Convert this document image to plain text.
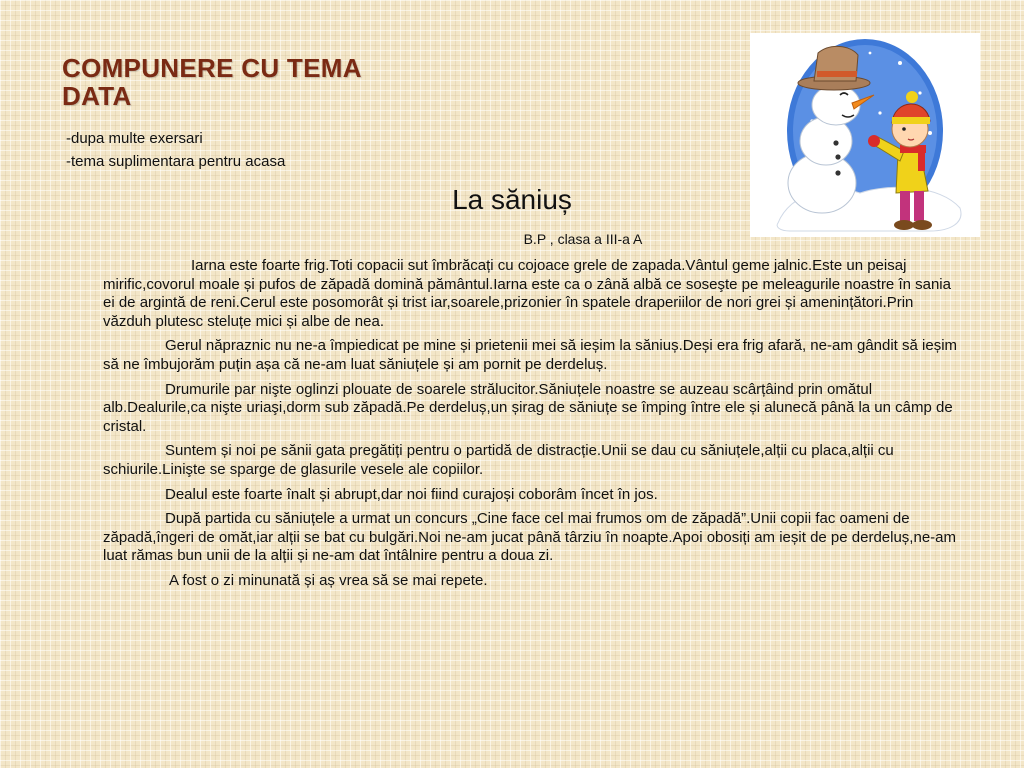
COMPUNERE CU TEMA
DATA
-dupa multe exersari
-tema suplimentara pentru acasa
La săniuș
B.P , clasa a III-a A

Iarna este foarte frig.Toti copacii sut îmbrăcați cu cojoace grele de zapada.Vântul geme jalnic.Este un peisaj mirific,covorul moale și pufos de zăpadă domină pământul.Iarna este ca o zână albă ce soseşte pe meleagurile noastre în sania ei de argintă de reni.Cerul este posomorât și trist iar,soarele,prizonier în spatele draperiilor de nori grei și amenințători.Prin văzduh plutesc steluțe mici și albe de nea.

Gerul năpraznic nu ne-a împiedicat pe mine și prietenii mei să ieșim la săniuș.Deși era frig afară, ne-am gândit să ieșim să ne îmbujorăm puțin așa că ne-am luat săniuțele și am pornit pe derdeluș.

Drumurile par nişte oglinzi plouate de soarele strălucitor.Săniuțele noastre se auzeau scârțâind prin omătul alb.Dealurile,ca nişte uriaşi,dorm sub zăpadă.Pe derdeluș,un șirag de săniuțe se împing între ele și alunecă până la un câmp de cristal.

Suntem și noi pe sănii gata pregătiți pentru o partidă de distracție.Unii se dau cu săniuțele,alții cu placa,alții cu schiurile.Linişte se sparge de glasurile vesele ale copiilor.

Dealul este foarte înalt și abrupt,dar noi fiind curajoși coborâm încet în jos.

După partida cu săniuțele a urmat un concurs „Cine face cel mai frumos om de zăpadă”.Unii copii fac oameni de zăpadă,îngeri de omăt,iar alții se bat cu bulgări.Noi ne-am jucat până târziu în noapte.Apoi obosiți am ieșit de pe derdeluș,ne-am luat rămas bun unii de la alții și ne-am dat întâlnire pentru a doua zi.

A fost o zi minunată și aș vrea să se mai repete.
